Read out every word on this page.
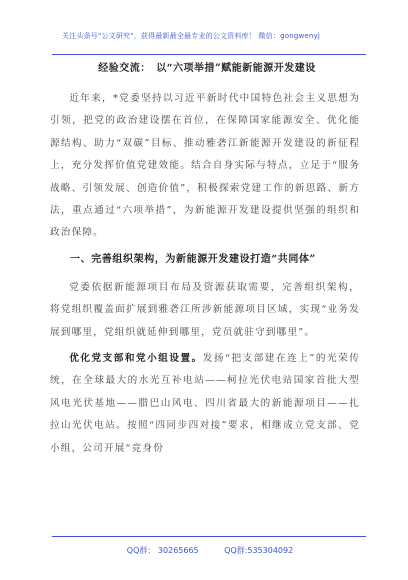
关注头条号"公文研究"，获得最新最全最专业的公文资料库！ 微信：gongwenyj
经验交流：　以“六项举措”赋能新能源开发建设

近年来，*党委坚持以习近平新时代中国特色社会主义思想为引领，把党的政治建设摆在首位，在保障国家能源安全、优化能源结构、助力“双碳”目标、推动雅砻江新能源开发建设的新征程上，充分发挥价值党建效能。结合自身实际与特点，立足于“服务战略、引领发展、创造价值”，积极探索党建工作的新思路、新方法，重点通过“六项举措”，为新能源开发建设提供坚强的组织和政治保障。

一、完善组织架构，为新能源开发建设打造“共同体”

党委依据新能源项目布局及资源获取需要，完善组织架构，将党组织覆盖面扩展到雅砻江所涉新能源项目区域，实现“业务发展到哪里，党组织就延伸到哪里，党员就驻守到哪里”。

优化党支部和党小组设置。发扬“把支部建在连上”的光荣传统，在全球最大的水光互补电站——柯拉光伏电站国家首批大型风电光伏基地——腊巴山风电、四川省最大的新能源项目——扎拉山光伏电站。按照“四同步四对接”要求，相继成立党支部、党小组，公司开展“竞身份

QQ群： 30265665          QQ群:535304092
